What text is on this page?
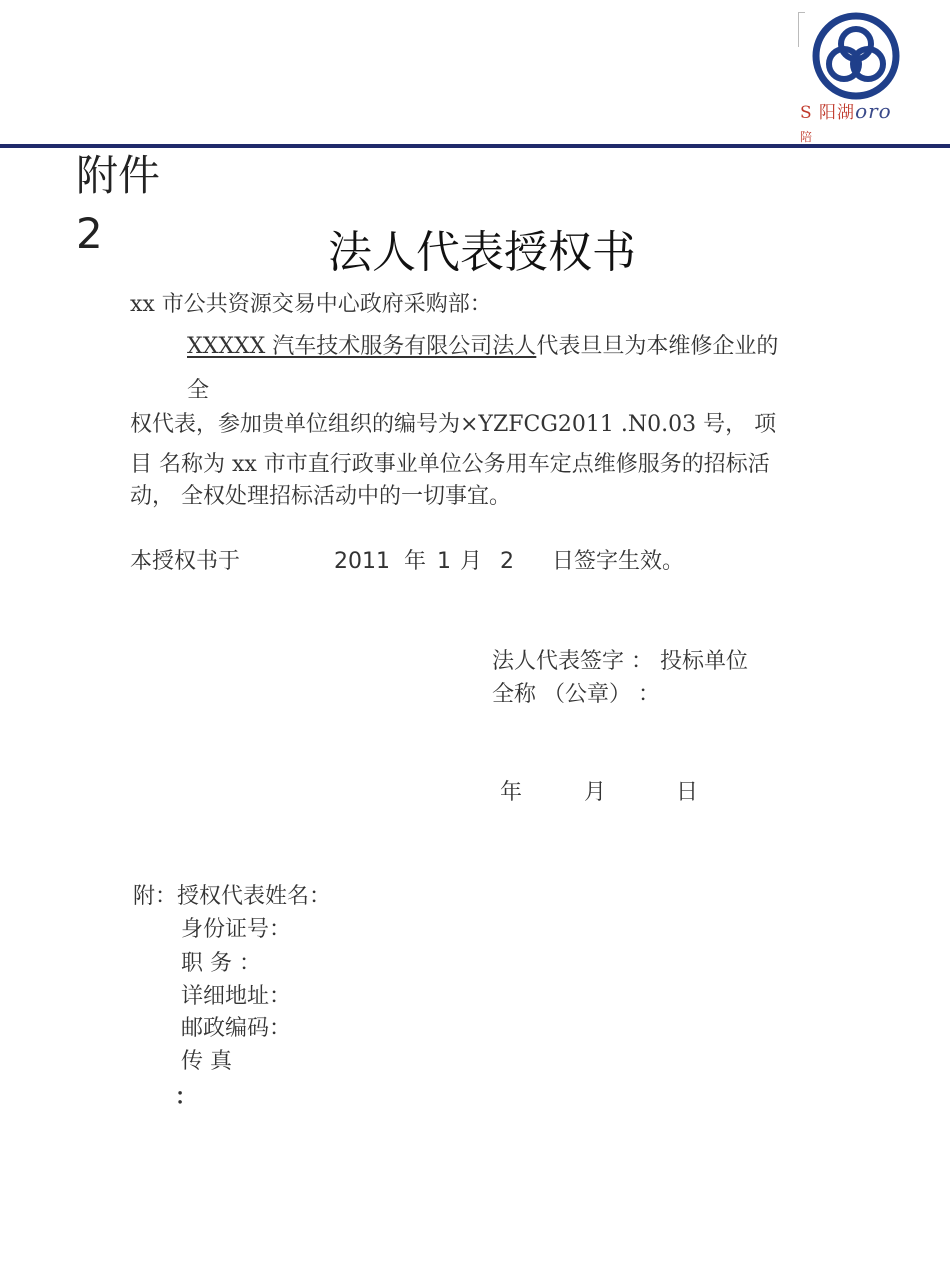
S 阳湖oro
陪
附件
2	法人代表授权书
xx 市公共资源交易中心政府采购部：
XXXXX 汽车技术服务有限公司法人代表旦旦为本维修企业的
全
权代表，参加贵单位组织的编号为×YZFCG2011 .N0.03 号， 项
目 名称为 xx 市市直行政事业单位公务用车定点维修服务的招标活
动， 全权处理招标活动中的一切事宜。
本授权书于	2011 年 1 月 2 日签字生效。
法人代表签字 ： 投标单位
全称 （公章） ：
年	月	日
附：授权代表姓名：
身份证号：
职 务 ：
详细地址：
邮政编码：
传 真
：
